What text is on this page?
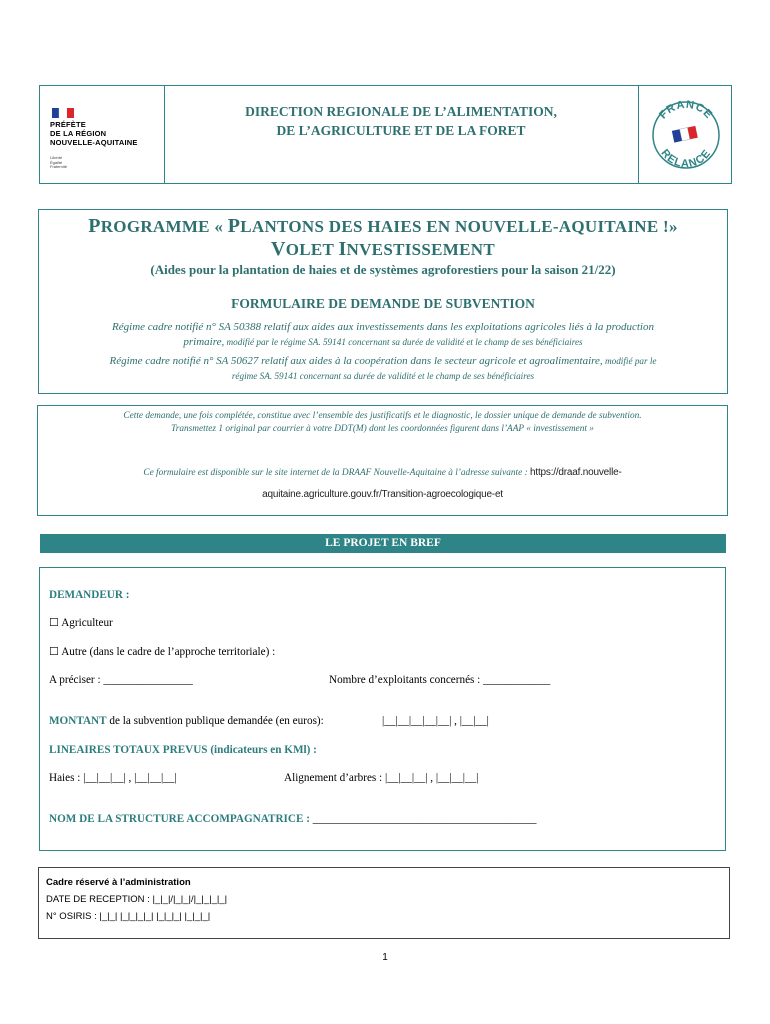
PRÉFÈTE
DE LA RÉGION
NOUVELLE-AQUITAINE
Liberté
Égalité
Fraternité
DIRECTION REGIONALE DE L’ALIMENTATION,
DE L’AGRICULTURE ET DE LA FORET
FRANCE
RELANCE
PROGRAMME « PLANTONS DES HAIES EN NOUVELLE-AQUITAINE !»
VOLET INVESTISSEMENT
(Aides pour la plantation de haies et de systèmes agroforestiers pour la saison 21/22)
FORMULAIRE DE DEMANDE DE SUBVENTION
Régime cadre notifié n° SA 50388 relatif aux aides aux investissements dans les exploitations agricoles liés à la production
primaire, modifié par le régime SA. 59141 concernant sa durée de validité et le champ de ses bénéficiaires
Régime cadre notifié n° SA 50627 relatif aux aides à la coopération dans le secteur agricole et agroalimentaire, modifié par le
régime SA. 59141 concernant sa durée de validité et le champ de ses bénéficiaires
Cette demande, une fois complétée, constitue avec l’ensemble des justificatifs et le diagnostic, le dossier unique de demande de subvention.
Transmettez 1 original par courrier à votre DDT(M) dont les coordonnées figurent dans l’AAP « investissement »
Ce formulaire est disponible sur le site internet de la DRAAF Nouvelle-Aquitaine à l’adresse suivante : https://draaf.nouvelle-
aquitaine.agriculture.gouv.fr/Transition-agroecologique-et
LE PROJET EN BREF
DEMANDEUR :
☐ Agriculteur
☐ Autre (dans le cadre de l’approche territoriale) :
A préciser : ________________	Nombre d’exploitants concernés : ____________
MONTANT de la subvention publique demandée (en euros):	|__|__|__|__|__| , |__|__|
LINEAIRES TOTAUX PREVUS (indicateurs en KMl) :
Haies : |__|__|__| , |__|__|__|	Alignement d’arbres : |__|__|__| , |__|__|__|
NOM DE LA STRUCTURE ACCOMPAGNATRICE : ________________________________________
Cadre réservé à l’administration
DATE DE RECEPTION : |_|_|/|_|_|/|_|_|_|_|
N° OSIRIS : |_|_| |_|_|_|_| |_|_|_| |_|_|_|
1
